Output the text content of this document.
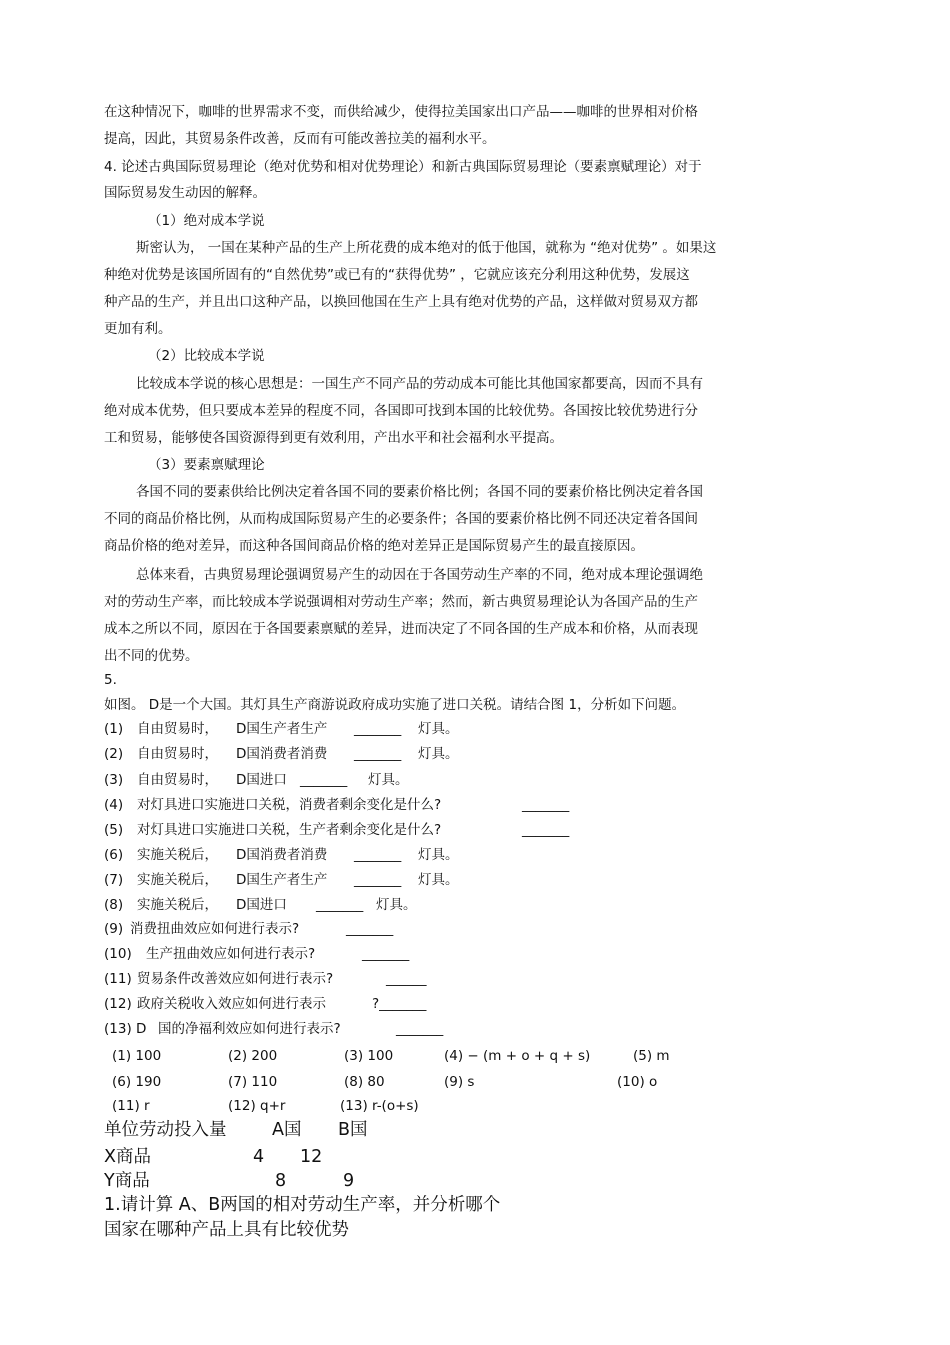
在这种情况下，咖啡的世界需求不变，而供给减少，使得拉美国家出口产品——咖啡的世界相对价格
提高，因此，其贸易条件改善，反而有可能改善拉美的福利水平。
4. 论述古典国际贸易理论（绝对优势和相对优势理论）和新古典国际贸易理论（要素禀赋理论）对于
国际贸易发生动因的解释。
（1）绝对成本学说
斯密认为， 一国在某种产品的生产上所花费的成本绝对的低于他国，就称为 “绝对优势” 。如果这
种绝对优势是该国所固有的“自然优势”或已有的“获得优势” ，它就应该充分利用这种优势，发展这
种产品的生产，并且出口这种产品，以换回他国在生产上具有绝对优势的产品，这样做对贸易双方都
更加有利。
（2）比较成本学说
比较成本学说的核心思想是：一国生产不同产品的劳动成本可能比其他国家都要高，因而不具有
绝对成本优势，但只要成本差异的程度不同，各国即可找到本国的比较优势。各国按比较优势进行分
工和贸易，能够使各国资源得到更有效利用，产出水平和社会福利水平提高。
（3）要素禀赋理论
各国不同的要素供给比例决定着各国不同的要素价格比例；各国不同的要素价格比例决定着各国
不同的商品价格比例，从而构成国际贸易产生的必要条件；各国的要素价格比例不同还决定着各国间
商品价格的绝对差异，而这种各国间商品价格的绝对差异正是国际贸易产生的最直接原因。
总体来看，古典贸易理论强调贸易产生的动因在于各国劳动生产率的不同，绝对成本理论强调绝
对的劳动生产率，而比较成本学说强调相对劳动生产率；然而，新古典贸易理论认为各国产品的生产
成本之所以不同，原因在于各国要素禀赋的差异，进而决定了不同各国的生产成本和价格，从而表现
出不同的优势。
5.
如图。 D是一个大国。其灯具生产商游说政府成功实施了进口关税。请结合图 1，分析如下问题。
(1) 自由贸易时， D国生产者生产 _______ 灯具。
(2) 自由贸易时， D国消费者消费 _______ 灯具。
(3) 自由贸易时， D国进口 _______ 灯具。
(4) 对灯具进口实施进口关税，消费者剩余变化是什么?	_______
(5) 对灯具进口实施进口关税，生产者剩余变化是什么?	_______
(6) 实施关税后， D国消费者消费 _______ 灯具。
(7) 实施关税后， D国生产者生产 _______ 灯具。
(8) 实施关税后， D国进口 _______ 灯具。
(9) 消费扭曲效应如何进行表示?	_______
(10) 生产扭曲效应如何进行表示?	_______
(11) 贸易条件改善效应如何进行表示?	______
(12) 政府关税收入效应如何进行表示	?_______
(13) D 国的净福利效应如何进行表示?	_______
(1) 100	(2) 200	(3) 100	(4) − (m + o + q + s)	(5) m
(6) 190	(7) 110	(8) 80	(9) s	(10) o
(11) r	(12) q+r	(13) r-(o+s)
单位劳动投入量	A国 B国
X商品	4 12
Y商品	8	9
1.请计算 A、B两国的相对劳动生产率，并分析哪个
国家在哪种产品上具有比较优势
